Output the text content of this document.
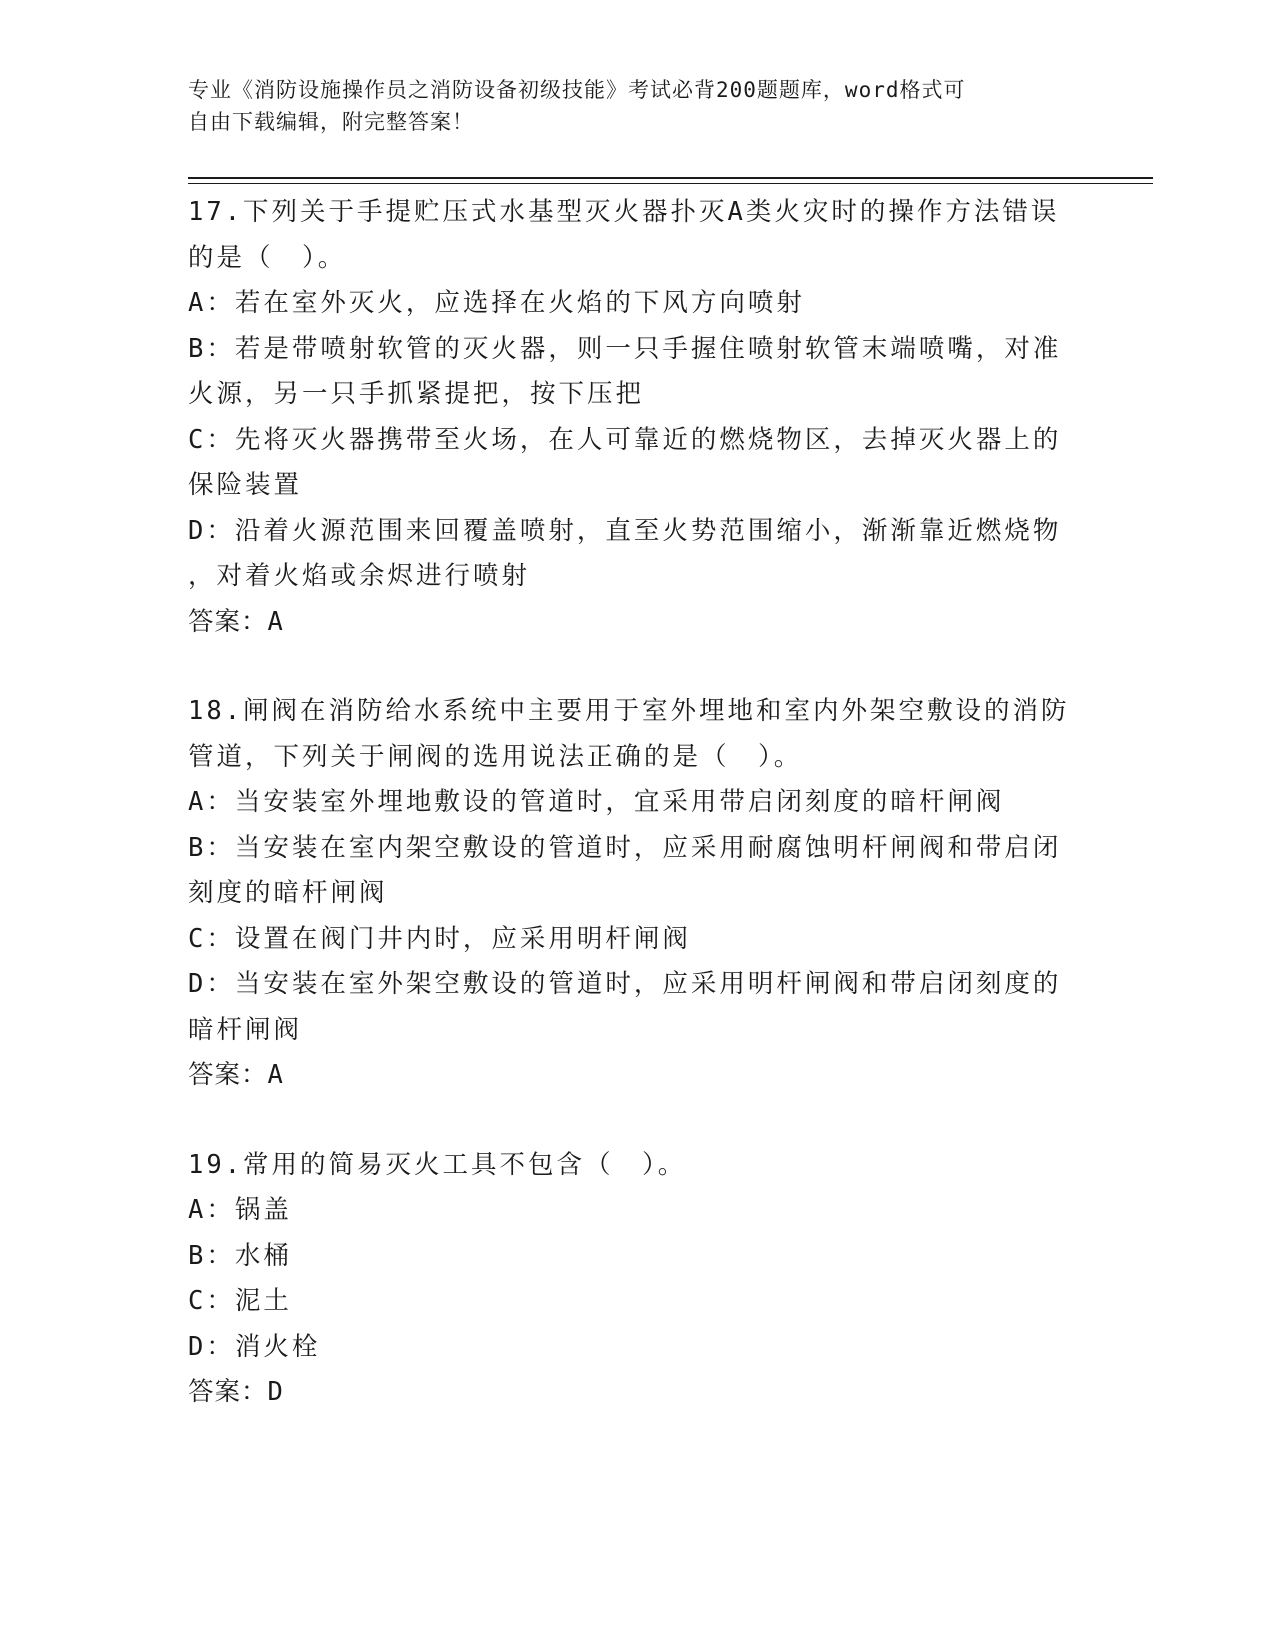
专业《消防设施操作员之消防设备初级技能》考试必背200题题库，word格式可
自由下载编辑，附完整答案！
17.下列关于手提贮压式水基型灭火器扑灭A类火灾时的操作方法错误
的是（　）。
A：若在室外灭火，应选择在火焰的下风方向喷射
B：若是带喷射软管的灭火器，则一只手握住喷射软管末端喷嘴，对准
火源，另一只手抓紧提把，按下压把
C：先将灭火器携带至火场，在人可靠近的燃烧物区，去掉灭火器上的
保险装置
D：沿着火源范围来回覆盖喷射，直至火势范围缩小，渐渐靠近燃烧物
，对着火焰或余烬进行喷射
答案：A
18.闸阀在消防给水系统中主要用于室外埋地和室内外架空敷设的消防
管道，下列关于闸阀的选用说法正确的是（　）。
A：当安装室外埋地敷设的管道时，宜采用带启闭刻度的暗杆闸阀
B：当安装在室内架空敷设的管道时，应采用耐腐蚀明杆闸阀和带启闭
刻度的暗杆闸阀
C：设置在阀门井内时，应采用明杆闸阀
D：当安装在室外架空敷设的管道时，应采用明杆闸阀和带启闭刻度的
暗杆闸阀
答案：A
19.常用的简易灭火工具不包含（　）。
A：锅盖
B：水桶
C：泥土
D：消火栓
答案：D
